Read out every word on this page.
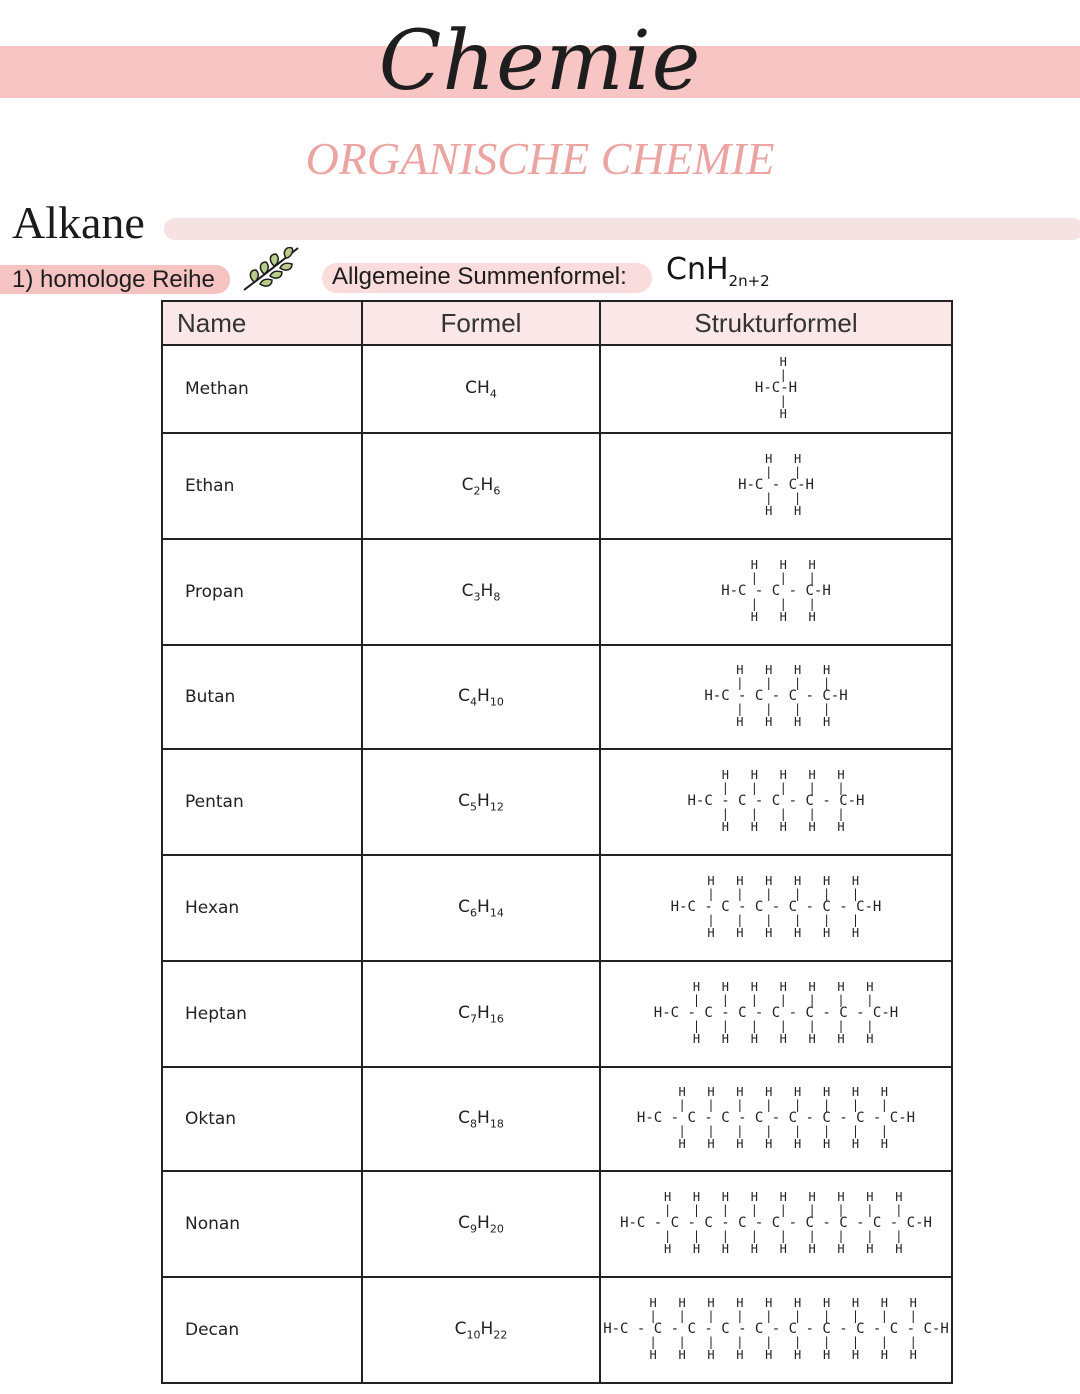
Chemie
ORGANISCHE CHEMIE
Alkane
1) homologe Reihe	Allgemeine Summenformel: CnH$_{2n+2}$
Name	Formel	Strukturformel
Methan	$CH_4$	H
|
H-C-H
|
H

Ethan	$C_2H_6$	H   H
|   |
H-C - C-H
|   |
H   H

Propan	$C_3H_8$	H   H   H
|   |   |
H-C - C - C-H
|   |   |
H   H   H

Butan	$C_4H_{10}$	H   H   H   H
|   |   |   |
H-C - C - C - C-H
|   |   |   |
H   H   H   H

Pentan	$C_5H_{12}$	H   H   H   H   H
|   |   |   |   |
H-C - C - C - C - C-H
|   |   |   |   |
H   H   H   H   H

Hexan	$C_6H_{14}$	H   H   H   H   H   H
|   |   |   |   |   |
H-C - C - C - C - C - C-H
|   |   |   |   |   |
H   H   H   H   H   H

Heptan	$C_7H_{16}$	H   H   H   H   H   H   H
|   |   |   |   |   |   |
H-C - C - C - C - C - C - C-H
|   |   |   |   |   |   |
H   H   H   H   H   H   H

Oktan	$C_8H_{18}$	H   H   H   H   H   H   H   H
|   |   |   |   |   |   |   |
H-C - C - C - C - C - C - C - C-H
|   |   |   |   |   |   |   |
H   H   H   H   H   H   H   H

Nonan	$C_9H_{20}$	H   H   H   H   H   H   H   H   H
|   |   |   |   |   |   |   |   |
H-C - C - C - C - C - C - C - C - C-H
|   |   |   |   |   |   |   |   |
H   H   H   H   H   H   H   H   H

Decan	$C_{10}H_{22}$	H   H   H   H   H   H   H   H   H   H
|   |   |   |   |   |   |   |   |   |
H-C - C - C - C - C - C - C - C - C - C-H
|   |   |   |   |   |   |   |   |   |
H   H   H   H   H   H   H   H   H   H
